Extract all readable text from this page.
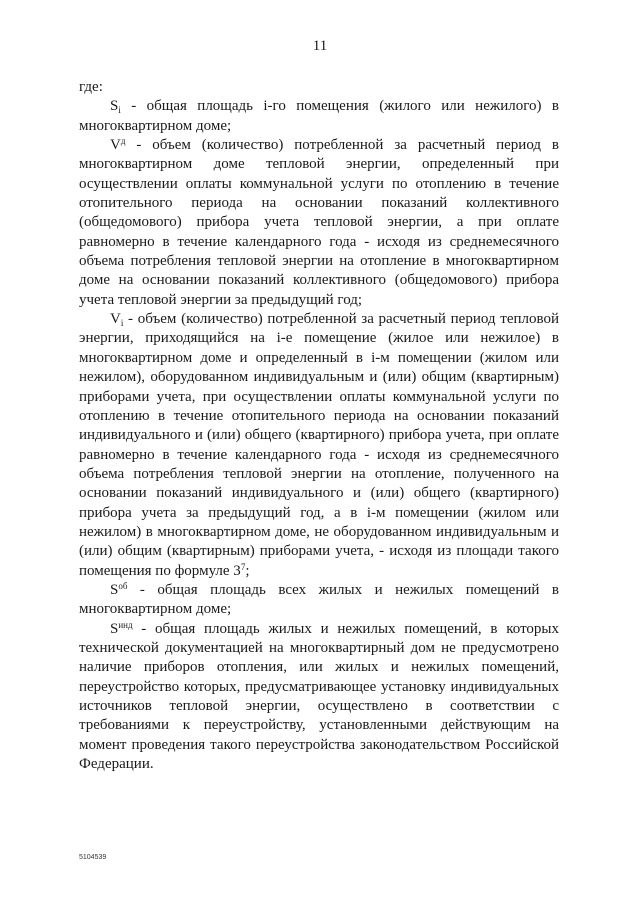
11

где:

$S_i$ - общая площадь i-го помещения (жилого или нежилого) в многоквартирном доме;

$V^д$ - объем (количество) потребленной за расчетный период в многоквартирном доме тепловой энергии, определенный при осуществлении оплаты коммунальной услуги по отоплению в течение отопительного периода на основании показаний коллективного (общедомового) прибора учета тепловой энергии, а при оплате равномерно в течение календарного года - исходя из среднемесячного объема потребления тепловой энергии на отопление в многоквартирном доме на основании показаний коллективного (общедомового) прибора учета тепловой энергии за предыдущий год;

$V_i$ - объем (количество) потребленной за расчетный период тепловой энергии, приходящийся на i-е помещение (жилое или нежилое) в многоквартирном доме и определенный в i-м помещении (жилом или нежилом), оборудованном индивидуальным и (или) общим (квартирным) приборами учета, при осуществлении оплаты коммунальной услуги по отоплению в течение отопительного периода на основании показаний индивидуального и (или) общего (квартирного) прибора учета, при оплате равномерно в течение календарного года - исходя из среднемесячного объема потребления тепловой энергии на отопление, полученного на основании показаний индивидуального и (или) общего (квартирного) прибора учета за предыдущий год, а в i-м помещении (жилом или нежилом) в многоквартирном доме, не оборудованном индивидуальным и (или) общим (квартирным) приборами учета, - исходя из площади такого помещения по формуле $3^7$;

$S^{об}$ - общая площадь всех жилых и нежилых помещений в многоквартирном доме;

$S^{инд}$ - общая площадь жилых и нежилых помещений, в которых технической документацией на многоквартирный дом не предусмотрено наличие приборов отопления, или жилых и нежилых помещений, переустройство которых, предусматривающее установку индивидуальных источников тепловой энергии, осуществлено в соответствии с требованиями к переустройству, установленными действующим на момент проведения такого переустройства законодательством Российской Федерации.

5104539
